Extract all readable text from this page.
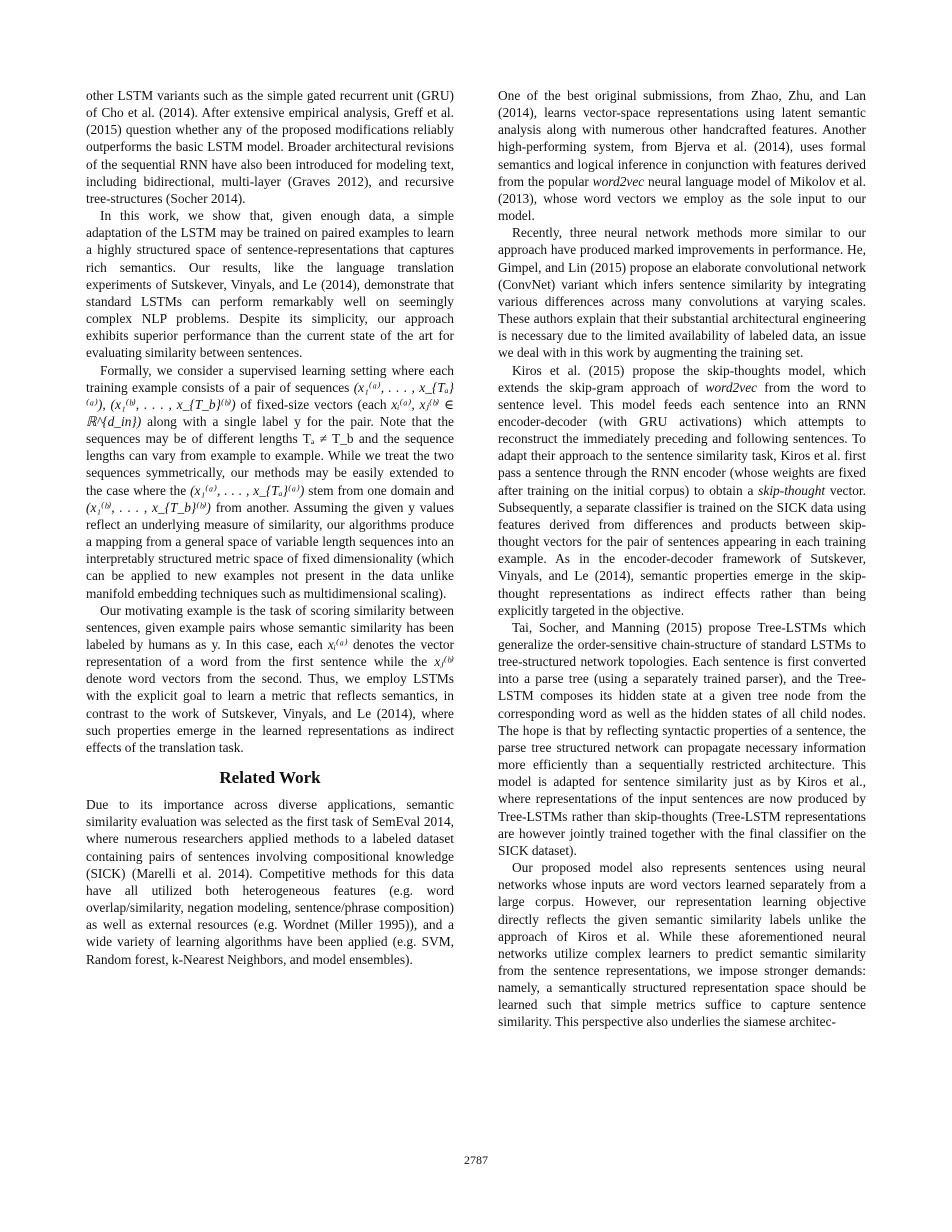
other LSTM variants such as the simple gated recurrent unit (GRU) of Cho et al. (2014). After extensive empirical analysis, Greff et al. (2015) question whether any of the proposed modifications reliably outperforms the basic LSTM model. Broader architectural revisions of the sequential RNN have also been introduced for modeling text, including bidirectional, multi-layer (Graves 2012), and recursive tree-structures (Socher 2014).

In this work, we show that, given enough data, a simple adaptation of the LSTM may be trained on paired examples to learn a highly structured space of sentence-representations that captures rich semantics. Our results, like the language translation experiments of Sutskever, Vinyals, and Le (2014), demonstrate that standard LSTMs can perform remarkably well on seemingly complex NLP problems. Despite its simplicity, our approach exhibits superior performance than the current state of the art for evaluating similarity between sentences.

Formally, we consider a supervised learning setting where each training example consists of a pair of sequences (x₁⁽ᵃ⁾, . . . , x_{Tₐ}⁽ᵃ⁾), (x₁⁽ᵇ⁾, . . . , x_{T_b}⁽ᵇ⁾) of fixed-size vectors (each xᵢ⁽ᵃ⁾, xⱼ⁽ᵇ⁾ ∈ ℝ^{d_in}) along with a single label y for the pair. Note that the sequences may be of different lengths Tₐ ≠ T_b and the sequence lengths can vary from example to example. While we treat the two sequences symmetrically, our methods may be easily extended to the case where the (x₁⁽ᵃ⁾, . . . , x_{Tₐ}⁽ᵃ⁾) stem from one domain and (x₁⁽ᵇ⁾, . . . , x_{T_b}⁽ᵇ⁾) from another. Assuming the given y values reflect an underlying measure of similarity, our algorithms produce a mapping from a general space of variable length sequences into an interpretably structured metric space of fixed dimensionality (which can be applied to new examples not present in the data unlike manifold embedding techniques such as multidimensional scaling).

Our motivating example is the task of scoring similarity between sentences, given example pairs whose semantic similarity has been labeled by humans as y. In this case, each xᵢ⁽ᵃ⁾ denotes the vector representation of a word from the first sentence while the xⱼ⁽ᵇ⁾ denote word vectors from the second. Thus, we employ LSTMs with the explicit goal to learn a metric that reflects semantics, in contrast to the work of Sutskever, Vinyals, and Le (2014), where such properties emerge in the learned representations as indirect effects of the translation task.

Related Work

Due to its importance across diverse applications, semantic similarity evaluation was selected as the first task of SemEval 2014, where numerous researchers applied methods to a labeled dataset containing pairs of sentences involving compositional knowledge (SICK) (Marelli et al. 2014). Competitive methods for this data have all utilized both heterogeneous features (e.g. word overlap/similarity, negation modeling, sentence/phrase composition) as well as external resources (e.g. Wordnet (Miller 1995)), and a wide variety of learning algorithms have been applied (e.g. SVM, Random forest, k-Nearest Neighbors, and model ensembles).

One of the best original submissions, from Zhao, Zhu, and Lan (2014), learns vector-space representations using latent semantic analysis along with numerous other handcrafted features. Another high-performing system, from Bjerva et al. (2014), uses formal semantics and logical inference in conjunction with features derived from the popular word2vec neural language model of Mikolov et al. (2013), whose word vectors we employ as the sole input to our model.

Recently, three neural network methods more similar to our approach have produced marked improvements in performance. He, Gimpel, and Lin (2015) propose an elaborate convolutional network (ConvNet) variant which infers sentence similarity by integrating various differences across many convolutions at varying scales. These authors explain that their substantial architectural engineering is necessary due to the limited availability of labeled data, an issue we deal with in this work by augmenting the training set.

Kiros et al. (2015) propose the skip-thoughts model, which extends the skip-gram approach of word2vec from the word to sentence level. This model feeds each sentence into an RNN encoder-decoder (with GRU activations) which attempts to reconstruct the immediately preceding and following sentences. To adapt their approach to the sentence similarity task, Kiros et al. first pass a sentence through the RNN encoder (whose weights are fixed after training on the initial corpus) to obtain a skip-thought vector. Subsequently, a separate classifier is trained on the SICK data using features derived from differences and products between skip-thought vectors for the pair of sentences appearing in each training example. As in the encoder-decoder framework of Sutskever, Vinyals, and Le (2014), semantic properties emerge in the skip-thought representations as indirect effects rather than being explicitly targeted in the objective.

Tai, Socher, and Manning (2015) propose Tree-LSTMs which generalize the order-sensitive chain-structure of standard LSTMs to tree-structured network topologies. Each sentence is first converted into a parse tree (using a separately trained parser), and the Tree-LSTM composes its hidden state at a given tree node from the corresponding word as well as the hidden states of all child nodes. The hope is that by reflecting syntactic properties of a sentence, the parse tree structured network can propagate necessary information more efficiently than a sequentially restricted architecture. This model is adapted for sentence similarity just as by Kiros et al., where representations of the input sentences are now produced by Tree-LSTMs rather than skip-thoughts (Tree-LSTM representations are however jointly trained together with the final classifier on the SICK dataset).

Our proposed model also represents sentences using neural networks whose inputs are word vectors learned separately from a large corpus. However, our representation learning objective directly reflects the given semantic similarity labels unlike the approach of Kiros et al. While these aforementioned neural networks utilize complex learners to predict semantic similarity from the sentence representations, we impose stronger demands: namely, a semantically structured representation space should be learned such that simple metrics suffice to capture sentence similarity. This perspective also underlies the siamese architec-

2787
